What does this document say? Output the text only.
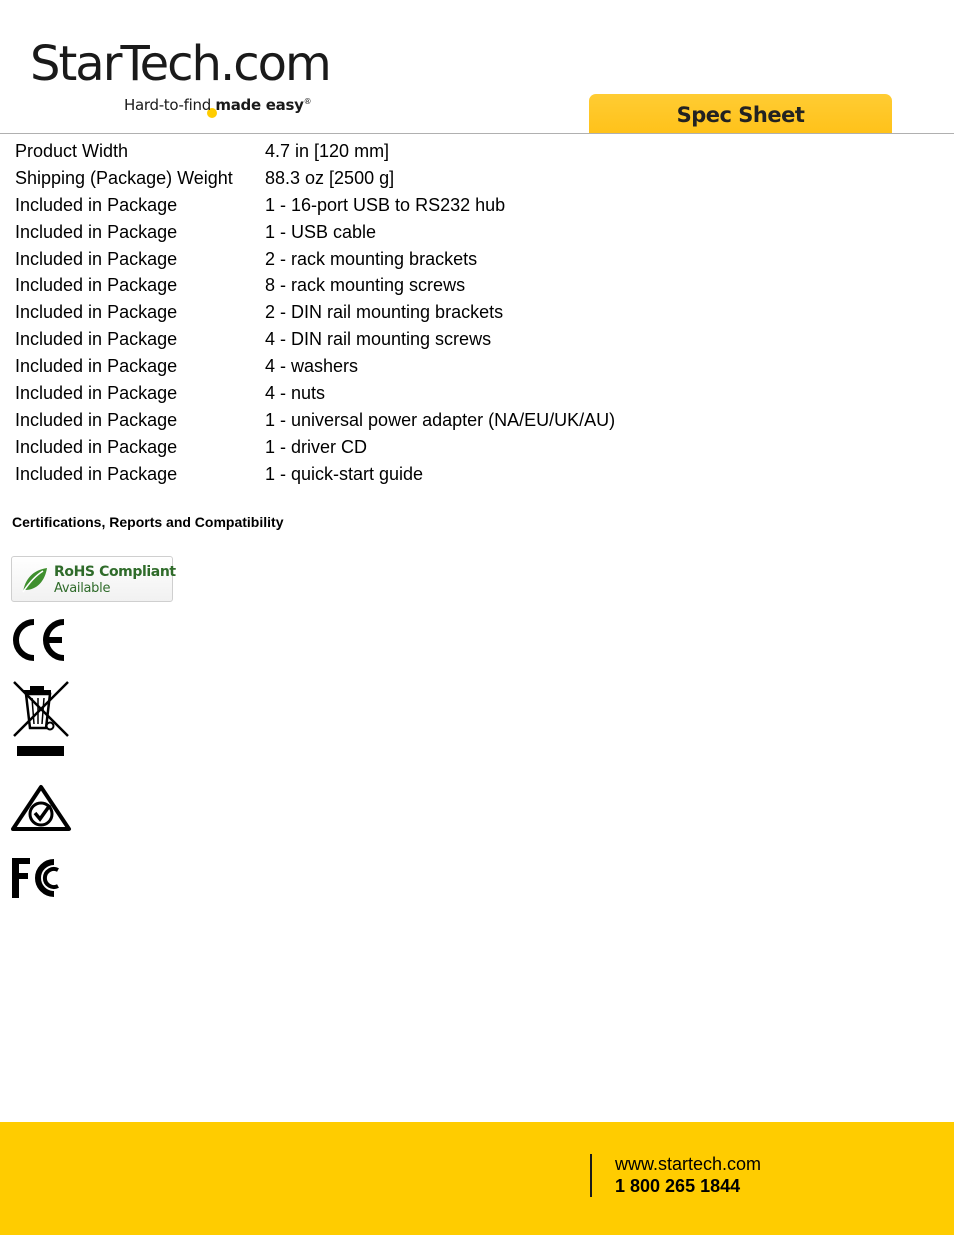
StarTech.com
Hard-to-find made easy®
Spec Sheet
Product Width	4.7 in [120 mm]
Shipping (Package) Weight 88.3 oz [2500 g]
Included in Package	1 - 16-port USB to RS232 hub
Included in Package	1 - USB cable
Included in Package	2 - rack mounting brackets
Included in Package	8 - rack mounting screws
Included in Package	2 - DIN rail mounting brackets
Included in Package	4 - DIN rail mounting screws
Included in Package	4 - washers
Included in Package	4 - nuts
Included in Package	1 - universal power adapter (NA/EU/UK/AU)
Included in Package	1 - driver CD
Included in Package	1 - quick-start guide
Certifications, Reports and Compatibility
RoHS Compliant
Available
www.startech.com
1 800 265 1844
